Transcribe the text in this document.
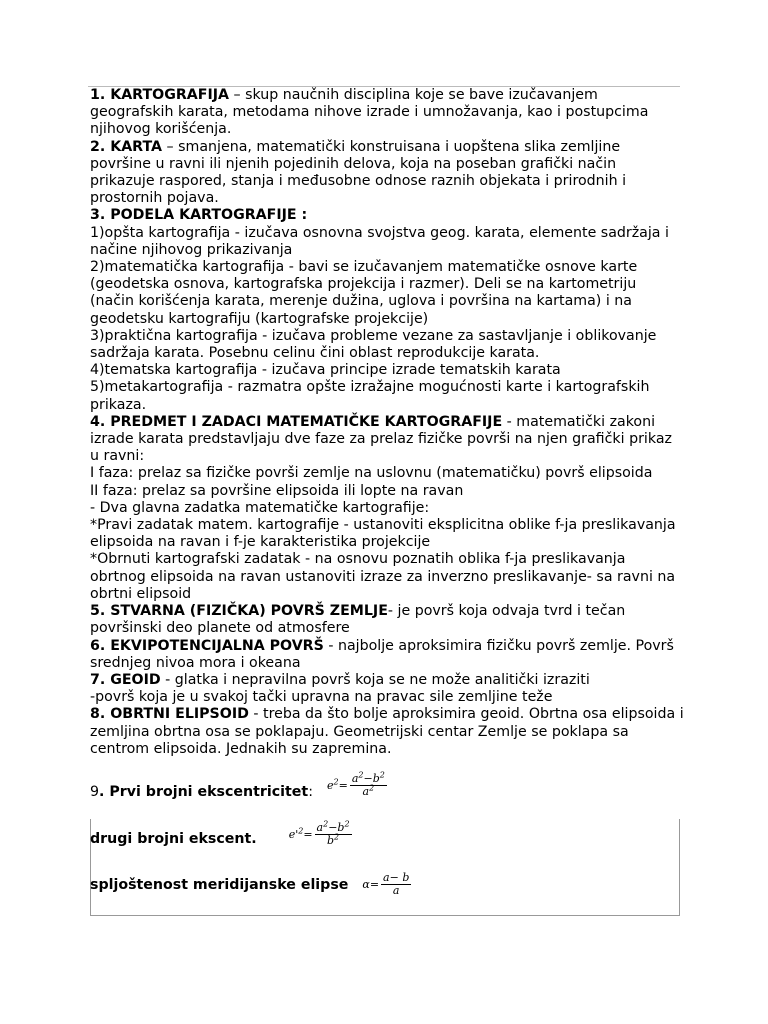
1. KARTOGRAFIJA – skup naučnih disciplina koje se bave izučavanjem geografskih karata, metodama nihove izrade i umnožavanja, kao i postupcima njihovog korišćenja.

2. KARTA – smanjena, matematički konstruisana i uopštena slika zemljine površine u ravni ili njenih pojedinih delova, koja na poseban grafički način prikazuje raspored, stanja i međusobne odnose raznih objekata i prirodnih i prostornih pojava.

3. PODELA KARTOGRAFIJE :

1)opšta kartografija - izučava osnovna svojstva geog. karata, elemente sadržaja i načine njihovog prikazivanja

2)matematička kartografija - bavi se izučavanjem matematičke osnove karte (geodetska osnova, kartografska projekcija i razmer). Deli se na kartometriju (način korišćenja karata, merenje dužina, uglova i površina na kartama) i na geodetsku kartografiju (kartografske projekcije)

3)praktična kartografija - izučava probleme vezane za sastavljanje i oblikovanje sadržaja karata. Posebnu celinu čini oblast reprodukcije karata.

4)tematska kartografija - izučava principe izrade tematskih karata

5)metakartografija - razmatra opšte izražajne mogućnosti karte i kartografskih prikaza.

4. PREDMET I ZADACI MATEMATIČKE KARTOGRAFIJE - matematički zakoni izrade karata predstavljaju dve faze za prelaz fizičke površi na njen grafički prikaz u ravni:

I faza: prelaz sa fizičke površi zemlje na uslovnu (matematičku) površ elipsoida

II faza: prelaz sa površine elipsoida ili lopte na ravan

- Dva glavna zadatka matematičke kartografije:

*Pravi zadatak matem. kartografije - ustanoviti eksplicitna oblike f-ja preslikavanja elipsoida na ravan i f-je karakteristika projekcije

*Obrnuti kartografski zadatak - na osnovu poznatih oblika f-ja preslikavanja obrtnog elipsoida na ravan ustanoviti izraze za inverzno preslikavanje- sa ravni na obrtni elipsoid

5. STVARNA (FIZIČKA) POVRŠ ZEMLJE- je površ koja odvaja tvrd i tečan površinski deo planete od atmosfere

6. EKVIPOTENCIJALNA POVRŠ - najbolje aproksimira fizičku površ zemlje. Površ srednjeg nivoa mora i okeana

7. GEOID - glatka i nepravilna površ koja se ne može analitički izraziti

-površ koja je u svakoj tački upravna na pravac sile zemljine teže

8. OBRTNI ELIPSOID - treba da što bolje aproksimira geoid. Obrtna osa elipsoida i zemljina obrtna osa se poklapaju. Geometrijski centar Zemlje se poklapa sa centrom elipsoida. Jednakih su zapremina.

9. Prvi brojni ekscentricitet: $e^2= \frac{a^2-b^2}{a^2}$
drugi brojni ekscent.	$e'^2= \frac{a^2-b^2}{b^2}$
spljoštenost meridijanske elipse $\alpha= \frac{a- b}{a}$
